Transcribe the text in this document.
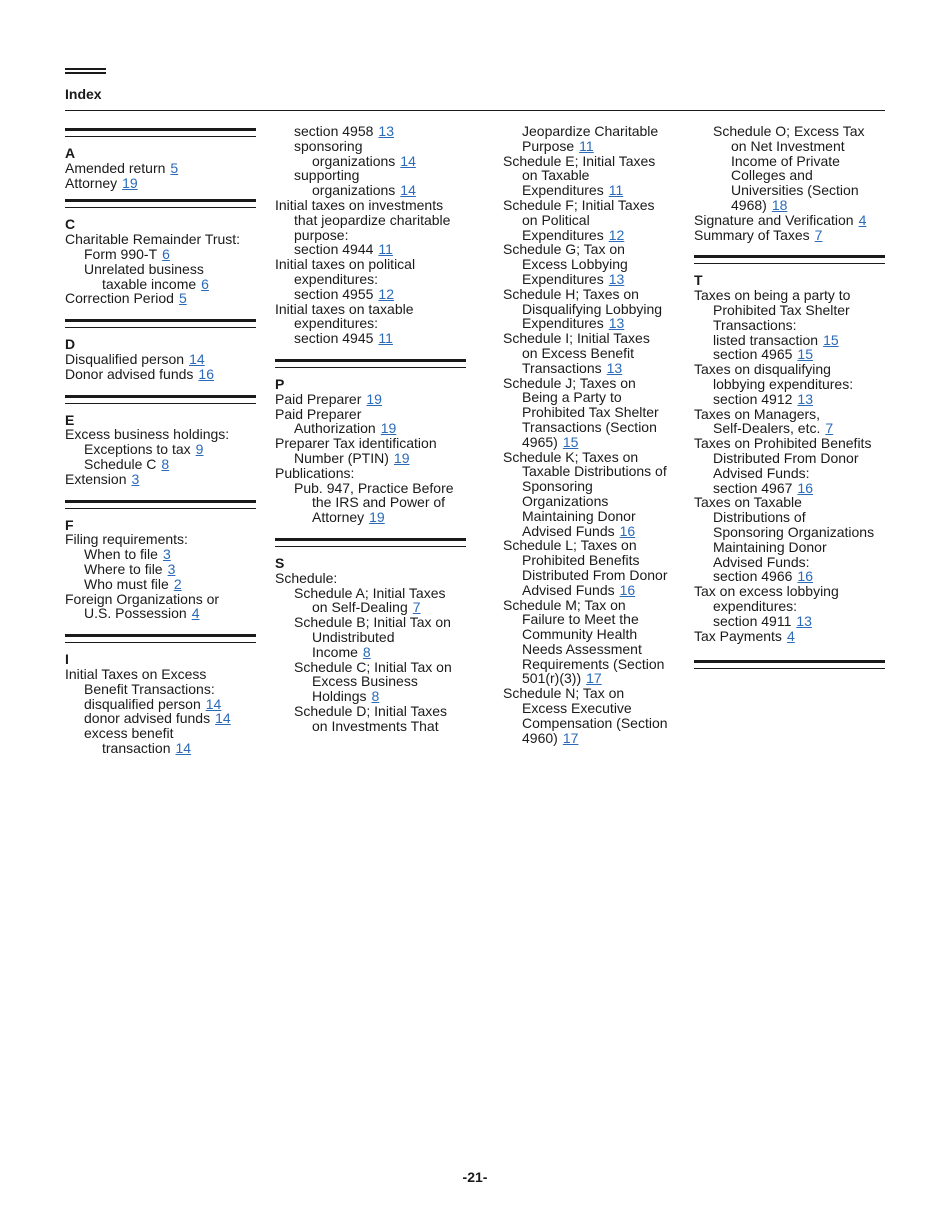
Index
A
Amended return 5
Attorney 19
C
Charitable Remainder Trust:
Form 990-T 6
Unrelated business
taxable income 6
Correction Period 5
D
Disqualified person 14
Donor advised funds 16
E
Excess business holdings:
Exceptions to tax 9
Schedule C 8
Extension 3
F
Filing requirements:
When to file 3
Where to file 3
Who must file 2
Foreign Organizations or
U.S. Possession 4
I
Initial Taxes on Excess
Benefit Transactions:
disqualified person 14
donor advised funds 14
excess benefit
transaction 14
section 4958 13
sponsoring
organizations 14
supporting
organizations 14
Initial taxes on investments
that jeopardize charitable
purpose:
section 4944 11
Initial taxes on political
expenditures:
section 4955 12
Initial taxes on taxable
expenditures:
section 4945 11
P
Paid Preparer 19
Paid Preparer
Authorization 19
Preparer Tax identification
Number (PTIN) 19
Publications:
Pub. 947, Practice Before
the IRS and Power of
Attorney 19
S
Schedule:
Schedule A; Initial Taxes
on Self-Dealing 7
Schedule B; Initial Tax on
Undistributed
Income 8
Schedule C; Initial Tax on
Excess Business
Holdings 8
Schedule D; Initial Taxes
on Investments That
Jeopardize Charitable
Purpose 11
Schedule E; Initial Taxes
on Taxable
Expenditures 11
Schedule F; Initial Taxes
on Political
Expenditures 12
Schedule G; Tax on
Excess Lobbying
Expenditures 13
Schedule H; Taxes on
Disqualifying Lobbying
Expenditures 13
Schedule I; Initial Taxes
on Excess Benefit
Transactions 13
Schedule J; Taxes on
Being a Party to
Prohibited Tax Shelter
Transactions (Section
4965) 15
Schedule K; Taxes on
Taxable Distributions of
Sponsoring
Organizations
Maintaining Donor
Advised Funds 16
Schedule L; Taxes on
Prohibited Benefits
Distributed From Donor
Advised Funds 16
Schedule M; Tax on
Failure to Meet the
Community Health
Needs Assessment
Requirements (Section
501(r)(3)) 17
Schedule N; Tax on
Excess Executive
Compensation (Section
4960) 17
Schedule O; Excess Tax
on Net Investment
Income of Private
Colleges and
Universities (Section
4968) 18
Signature and Verification 4
Summary of Taxes 7
T
Taxes on being a party to
Prohibited Tax Shelter
Transactions:
listed transaction 15
section 4965 15
Taxes on disqualifying
lobbying expenditures:
section 4912 13
Taxes on Managers,
Self-Dealers, etc. 7
Taxes on Prohibited Benefits
Distributed From Donor
Advised Funds:
section 4967 16
Taxes on Taxable
Distributions of
Sponsoring Organizations
Maintaining Donor
Advised Funds:
section 4966 16
Tax on excess lobbying
expenditures:
section 4911 13
Tax Payments 4
-21-
